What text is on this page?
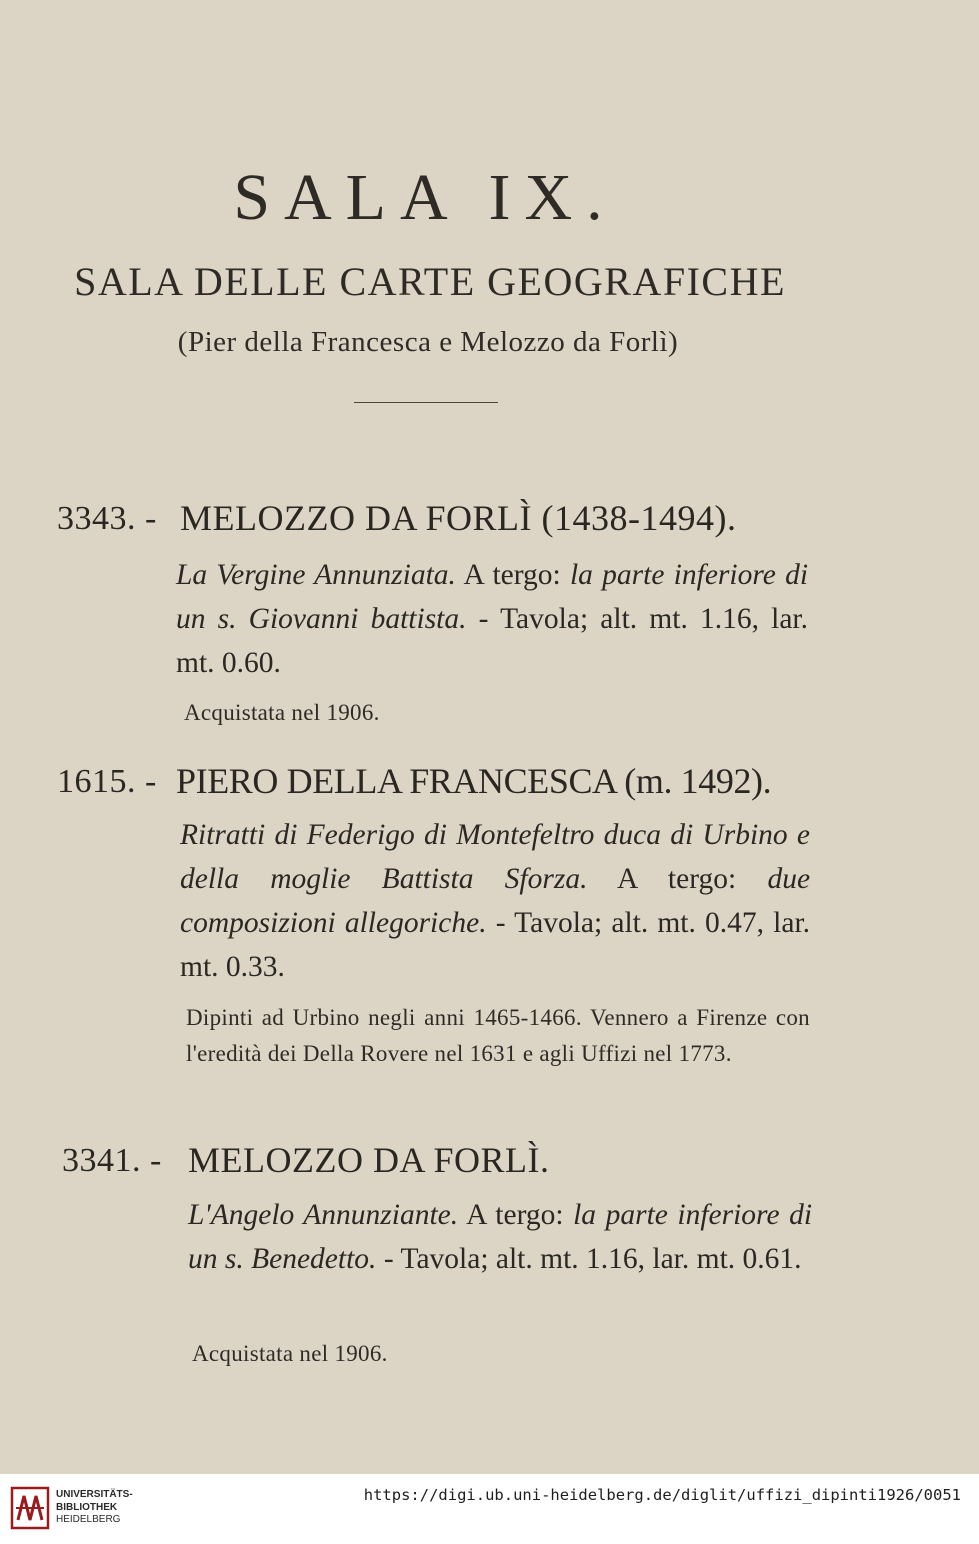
SALA IX.
SALA DELLE CARTE GEOGRAFICHE
(Pier della Francesca e Melozzo da Forlì)
3343. - MELOZZO DA FORLÌ (1438-1494).
La Vergine Annunziata. A tergo: la parte inferiore di un s. Giovanni battista. - Tavola; alt. mt. 1.16, lar. mt. 0.60.
Acquistata nel 1906.
1615. - PIERO DELLA FRANCESCA (m. 1492).
Ritratti di Federigo di Montefeltro duca di Urbino e della moglie Battista Sforza. A tergo: due composizioni allegoriche. - Tavola; alt. mt. 0.47, lar. mt. 0.33.
Dipinti ad Urbino negli anni 1465-1466. Vennero a Firenze con l'eredità dei Della Rovere nel 1631 e agli Uffizi nel 1773.
3341. - MELOZZO DA FORLÌ.
L'Angelo Annunziante. A tergo: la parte inferiore di un s. Benedetto. - Tavola; alt. mt. 1.16, lar. mt. 0.61.
Acquistata nel 1906.
UNIVERSITÄTS-
BIBLIOTHEK
HEIDELBERG
https://digi.ub.uni-heidelberg.de/diglit/uffizi_dipinti1926/0051
